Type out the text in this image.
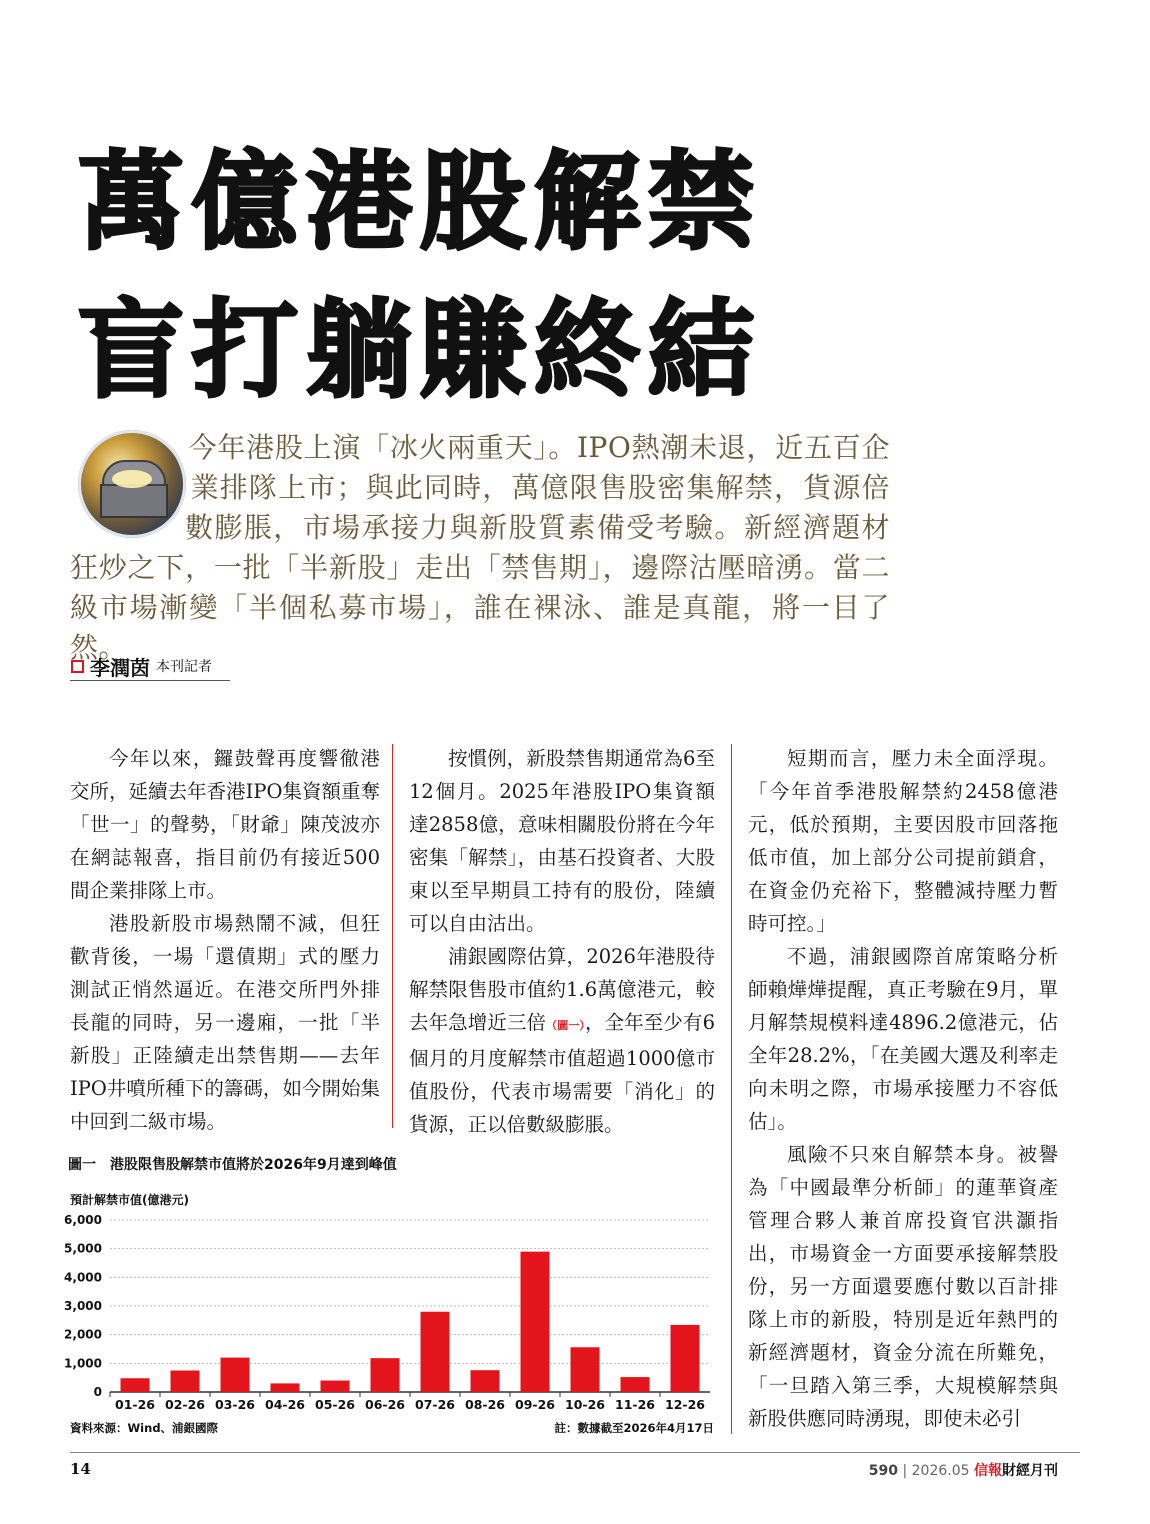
萬億港股解禁
盲打躺賺終結

今年港股上演「冰火兩重天」。IPO熱潮未退，近五百企業排隊上市；與此同時，萬億限售股密集解禁，貨源倍數膨脹，市場承接力與新股質素備受考驗。新經濟題材狂炒之下，一批「半新股」走出「禁售期」，邊際沽壓暗湧。當二級市場漸變「半個私募市場」，誰在裸泳、誰是真龍，將一目了然。

李潤茵 本刊記者

今年以來，鑼鼓聲再度響徹港交所，延續去年香港IPO集資額重奪「世一」的聲勢，「財爺」陳茂波亦在網誌報喜，指目前仍有接近500間企業排隊上市。

港股新股市場熱鬧不減，但狂歡背後，一場「還債期」式的壓力測試正悄然逼近。在港交所門外排長龍的同時，另一邊廂，一批「半新股」正陸續走出禁售期——去年IPO井噴所種下的籌碼，如今開始集中回到二級市場。

按慣例，新股禁售期通常為6至12個月。2025年港股IPO集資額達2858億，意味相關股份將在今年密集「解禁」，由基石投資者、大股東以至早期員工持有的股份，陸續可以自由沽出。

浦銀國際估算，2026年港股待解禁限售股市值約1.6萬億港元，較去年急增近三倍（圖一），全年至少有6個月的月度解禁市值超過1000億市值股份，代表市場需要「消化」的貨源，正以倍數級膨脹。

短期而言，壓力未全面浮現。「今年首季港股解禁約2458億港元，低於預期，主要因股市回落拖低市值，加上部分公司提前鎖倉，在資金仍充裕下，整體減持壓力暫時可控。」

不過，浦銀國際首席策略分析師賴燁燁提醒，真正考驗在9月，單月解禁規模料達4896.2億港元，佔全年28.2%，「在美國大選及利率走向未明之際，市場承接壓力不容低估」。

風險不只來自解禁本身。被譽為「中國最準分析師」的蓮華資產管理合夥人兼首席投資官洪灝指出，市場資金一方面要承接解禁股份，另一方面還要應付數以百計排隊上市的新股，特別是近年熱門的新經濟題材，資金分流在所難免，「一旦踏入第三季，大規模解禁與新股供應同時湧現，即使未必引

圖一 港股限售股解禁市值將於2026年9月達到峰值
預計解禁市值(億港元)
0
1,000
2,000
3,000
4,000
5,000
6,000
01-26 02-26 03-26 04-26 05-26 06-26 07-26 08-26 09-26 10-26 11-26 12-26
資料來源：Wind、浦銀國際	註：數據截至2026年4月17日
14	590 | 2026.05 信報財經月刊
